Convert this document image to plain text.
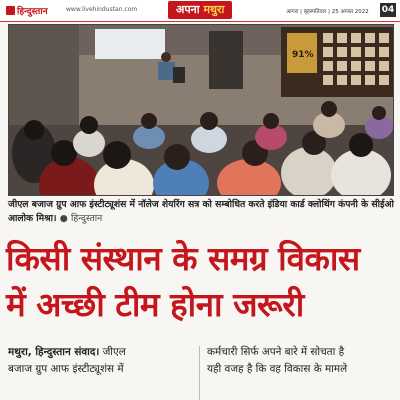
हिन्दुस्तान	www.livehindustan.com	अपना मथुरा	आगरा | बृहस्पतिवार | 25 अगस्त 2022 04
91%
जीएल बजाज ग्रुप आफ इंस्टीट्यूशंस में नॉलेज शेयरिंग सत्र को सम्बोधित करते इंडिया कार्ड क्लोथिंग कंपनी के सीईओ आलोक मिश्रा। ● हिन्दुस्तान
किसी संस्थान के समग्र विकास
में अच्छी टीम होना जरूरी
मथुरा, हिन्दुस्तान संवाद। जीएल
बजाज ग्रुप आफ इंस्टीट्यूशंस में
कर्मचारी सिर्फ अपने बारे में सोचता है
यही वजह है कि वह विकास के मामले
